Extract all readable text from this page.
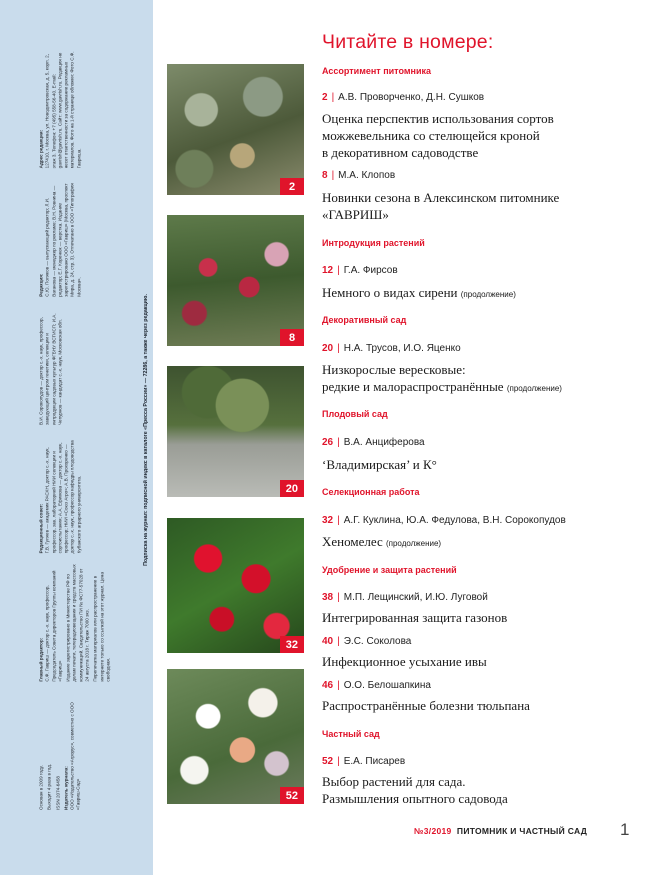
Основан в 2009 году. Выходит 4 раза в год. ISSN 2074-6458 Издатель журнала: ООО «Издательство «Агрорус», совместно с ООО «Гавриш-Сад»

Главный редактор: С.Ф. Гавриш — доктор с.-х. наук, профессор, Председатель Совета директоров Группы компаний «Гавриш» Издание зарегистрировано в Министерстве РФ по делам печати, телерадиовещания и средств массовых коммуникаций. Свидетельство ПИ № ФС77-57028 от 24 августа 2018 г. Тираж 7000 экз. Перепечатка материалов или распространение в интернете только со ссылкой на этот журнал. Цена свободная.

Редакционный совет: Г.В. Гуляев — академик РАСХН, доктор с.-х. наук, профессор, зав. лабораторией НИИ селекции и сортоиспытания; А.А. Ефимова — доктор с.-х. наук, профессор; НИИ «Союз Агро»; А.В. Прохоренко — доктор с.-х. наук, профессор кафедры плодоводства Кубанского аграрного университета.

В.И. Сорокопудов — доктор с.-х. наук, профессор, заведующий центром генетики, селекции и интродукции садовых культур ФГБНУ ВСТИСП; И.А. Чепурнов — кандидат с.-х. наук, Московская обл.

Редакция: С.Ю. Поляков — выпускающий редактор; Л.И. Ваганова — менеджер по рекламе; В.Н. Ровнина — редактор; Е.Г. Коренюк — верстка. Издание зарегистрировано ООО «Гавриш» (Москва, проспект Мира, д. 24, стр. 3). Отпечатано в ООО «Типография Москва».

Адрес редакции: 127410, г. Москва, ул. Новодмитровская, д. 5, корп. 2, этаж 3. Телефон: +7 (495) 558-56-40. E-mail: gavrish@gavrish.ru. Сайт: www.gavrish.ru. Редакция не несет ответственности за содержание рекламных материалов. Фото на 1-й странице обложки: Фото С.Ф. Гавриша.

Подписка на журнал: подписной индекс в каталоге «Пресса России» — 72286, а также через редакцию.
2
8
20
32
52
Читайте в номере:
Ассортимент питомника
2 | А.В. Проворченко, Д.Н. Сушков
Оценка перспектив использования сортов
можжевельника со стелющейся кроной
в декоративном садоводстве
8 | М.А. Клопов
Новинки сезона в Алексинском питомнике
«ГАВРИШ»
Интродукция растений
12 | Г.А. Фирсов
Немного о видах сирени (продолжение)
Декоративный сад
20 | Н.А. Трусов, И.О. Яценко
Низкорослые вересковые:
редкие и малораспространённые (продолжение)
Плодовый сад
26 | В.А. Анциферова
‘Владимирская’ и К°
Селекционная работа
32 | А.Г. Куклина, Ю.А. Федулова, В.Н. Сорокопудов
Хеномелес (продолжение)
Удобрение и защита растений
38 | М.П. Лещинский, И.Ю. Луговой
Интегрированная защита газонов
40 | Э.С. Соколова
Инфекционное усыхание ивы
46 | О.О. Белошапкина
Распространённые болезни тюльпана
Частный сад
52 | Е.А. Писарев
Выбор растений для сада.
Размышления опытного садовода
№3/2019 ПИТОМНИК И ЧАСТНЫЙ САД 1
